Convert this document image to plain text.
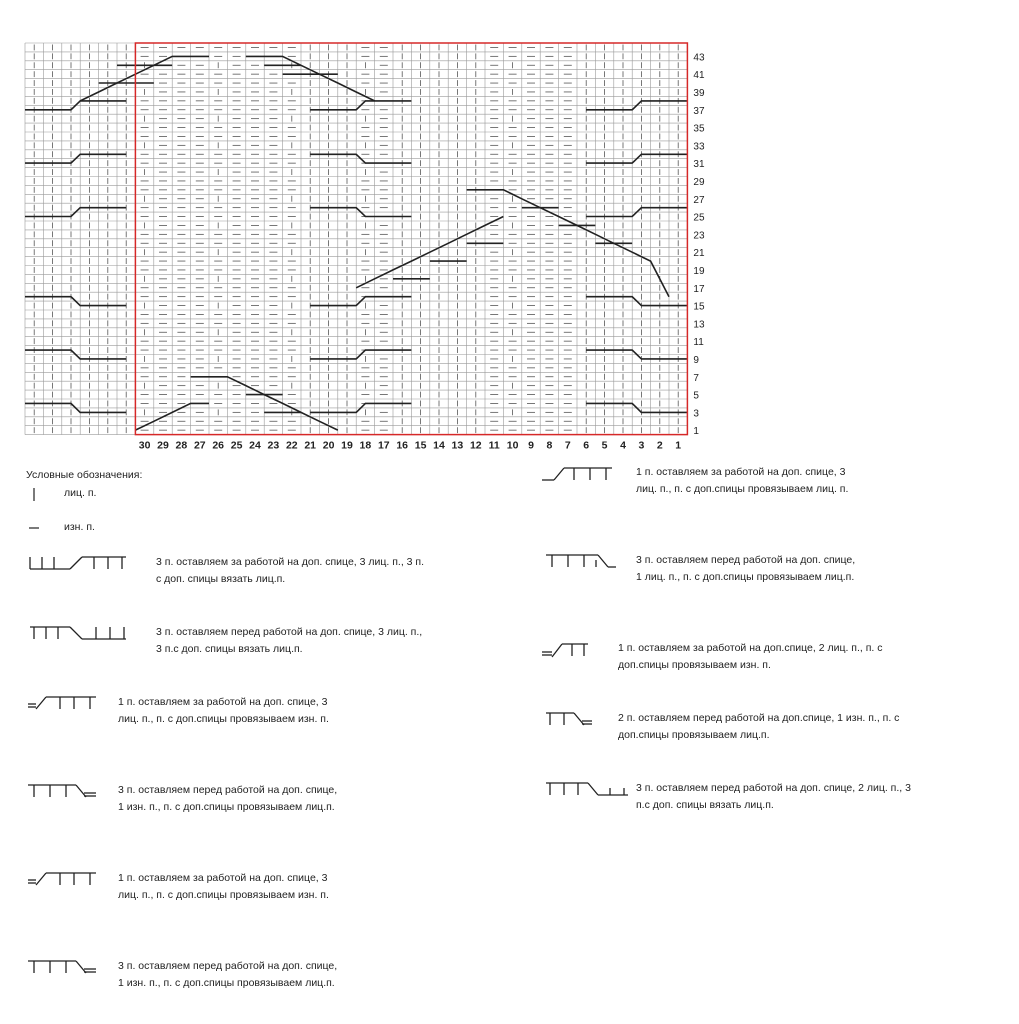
43
41
39
37
35
33
31
29
27
25
23
21
19
17
15
13
11
9
7
5
3
1
30 29 28 27 26 25 24 23 22 21 20 19 18 17 16 15 14 13 12 11 10 9 8 7 6 5 4 3 2 1
Условные обозначения:
лиц. п.
изн. п.
3 п. оставляем за работой на доп. спице, 3 лиц. п., 3 п.
с доп. спицы вязать лиц.п.
3 п. оставляем перед работой на доп. спице, 3 лиц. п.,
3 п.с доп. спицы вязать лиц.п.
1 п. оставляем за работой на доп. спице, 3
лиц. п., п. с доп.спицы провязываем изн. п.
3 п. оставляем перед работой на доп. спице,
1 изн. п., п. с доп.спицы провязываем лиц.п.
1 п. оставляем за работой на доп. спице, 3
лиц. п., п. с доп.спицы провязываем изн. п.
3 п. оставляем перед работой на доп. спице,
1 изн. п., п. с доп.спицы провязываем лиц.п.
1 п. оставляем за работой на доп. спице, 3
лиц. п., п. с доп.спицы провязываем лиц. п.
3 п. оставляем перед работой на доп. спице,
1 лиц. п., п. с доп.спицы провязываем лиц.п.
1 п. оставляем за работой на доп.спице, 2 лиц. п., п. с
доп.спицы провязываем изн. п.
2 п. оставляем перед работой на доп.спице, 1 изн. п., п. с
доп.спицы провязываем лиц.п.
3 п. оставляем перед работой на доп. спице, 2 лиц. п., 3
п.с доп. спицы вязать лиц.п.
